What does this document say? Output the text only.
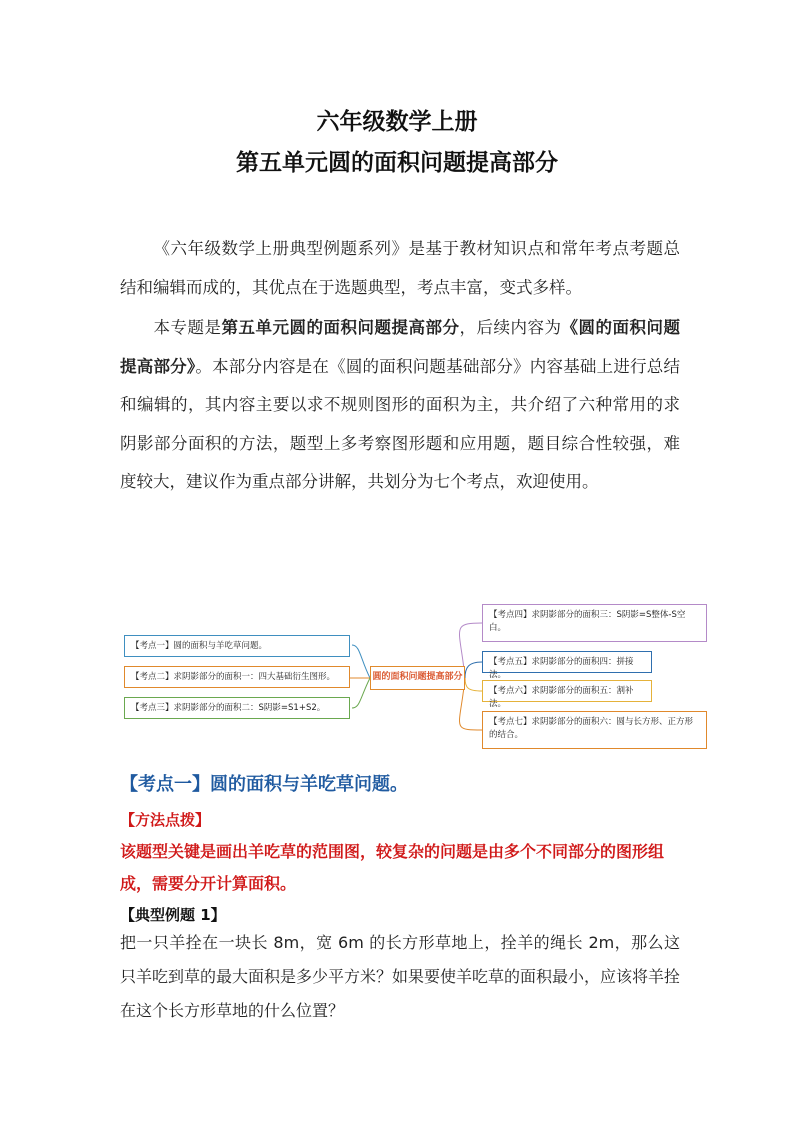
六年级数学上册
第五单元圆的面积问题提高部分
《六年级数学上册典型例题系列》是基于教材知识点和常年考点考题总结和编辑而成的，其优点在于选题典型，考点丰富，变式多样。
本专题是第五单元圆的面积问题提高部分，后续内容为《圆的面积问题提高部分》。本部分内容是在《圆的面积问题基础部分》内容基础上进行总结和编辑的，其内容主要以求不规则图形的面积为主，共介绍了六种常用的求阴影部分面积的方法，题型上多考察图形题和应用题，题目综合性较强，难度较大，建议作为重点部分讲解，共划分为七个考点，欢迎使用。
【考点一】圆的面积与羊吃草问题。
【考点二】求阴影部分的面积一：四大基础衍生图形。
【考点三】求阴影部分的面积二：S阴影=S1+S2。
圆的面积问题提高部分
【考点四】求阴影部分的面积三：S阴影=S整体-S空白。
【考点五】求阴影部分的面积四：拼接法。
【考点六】求阴影部分的面积五：割补法。
【考点七】求阴影部分的面积六：圆与长方形、正方形的结合。
【考点一】圆的面积与羊吃草问题。
【方法点拨】
该题型关键是画出羊吃草的范围图，较复杂的问题是由多个不同部分的图形组成，需要分开计算面积。
【典型例题 1】
把一只羊拴在一块长 8m，宽 6m 的长方形草地上，拴羊的绳长 2m，那么这只羊吃到草的最大面积是多少平方米？如果要使羊吃草的面积最小，应该将羊拴在这个长方形草地的什么位置？
